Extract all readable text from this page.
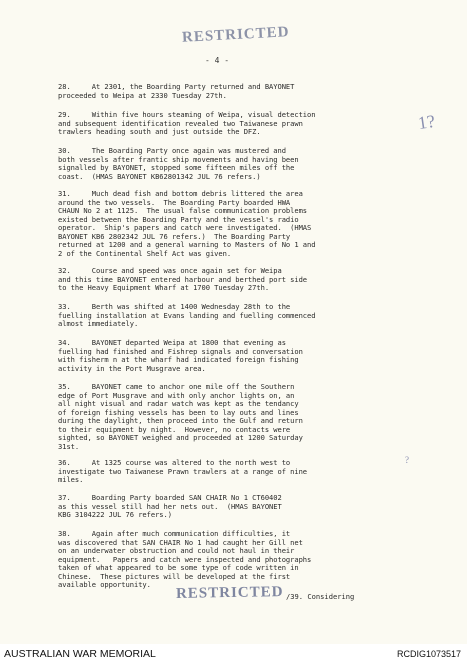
RESTRICTED
- 4 -
1?
?
28.     At 2301, the Boarding Party returned and BAYONET
proceeded to Weipa at 2330 Tuesday 27th.
29.     Within five hours steaming of Weipa, visual detection
and subsequent identification revealed two Taiwanese prawn
trawlers heading south and just outside the DFZ.
30.     The Boarding Party once again was mustered and
both vessels after frantic ship movements and having been
signalled by BAYONET, stopped some fifteen miles off the
coast.  (HMAS BAYONET KB62801342 JUL 76 refers.)
31.     Much dead fish and bottom debris littered the area
around the two vessels.  The Boarding Party boarded HWA
CHAUN No 2 at 1125.  The usual false communication problems
existed between the Boarding Party and the vessel's radio
operator.  Ship's papers and catch were investigated.  (HMAS
BAYONET KB6 2802342 JUL 76 refers.)  The Boarding Party
returned at 1200 and a general warning to Masters of No 1 and
2 of the Continental Shelf Act was given.
32.     Course and speed was once again set for Weipa
and this time BAYONET entered harbour and berthed port side
to the Heavy Equipment Wharf at 1700 Tuesday 27th.
33.     Berth was shifted at 1400 Wednesday 28th to the
fuelling installation at Evans landing and fuelling commenced
almost immediately.
34.     BAYONET departed Weipa at 1800 that evening as
fuelling had finished and Fishrep signals and conversation
with fisherm n at the wharf had indicated foreign fishing
activity in the Port Musgrave area.
35.     BAYONET came to anchor one mile off the Southern
edge of Port Musgrave and with only anchor lights on, an
all night visual and radar watch was kept as the tendancy
of foreign fishing vessels has been to lay outs and lines
during the daylight, then proceed into the Gulf and return
to their equipment by night.  However, no contacts were
sighted, so BAYONET weighed and proceeded at 1200 Saturday
31st.
36.     At 1325 course was altered to the north west to
investigate two Taiwanese Prawn trawlers at a range of nine
miles.
37.     Boarding Party boarded SAN CHAIR No 1 CT60402
as this vessel still had her nets out.  (HMAS BAYONET
KBG 3104222 JUL 76 refers.)
38.     Again after much communication difficulties, it
was discovered that SAN CHAIR No 1 had caught her Gill net
on an underwater obstruction and could not haul in their
equipment.   Papers and catch were inspected and photographs
taken of what appeared to be some type of code written in
Chinese.  These pictures will be developed at the first
available opportunity.	RESTRICTED /39. Considering
AUSTRALIAN WAR MEMORIAL	RCDIG1073517
